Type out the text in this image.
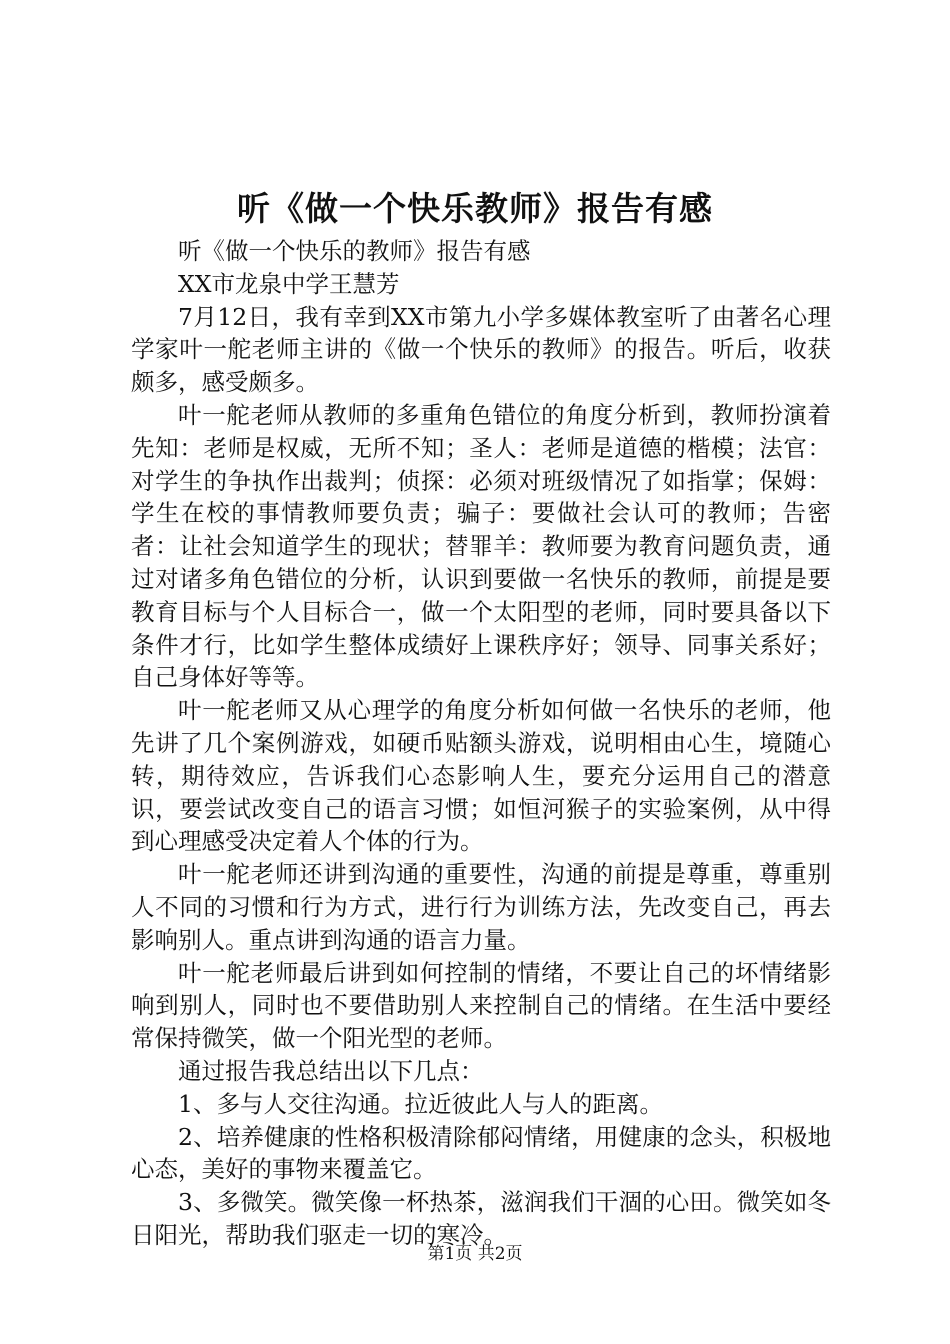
听《做一个快乐教师》报告有感

听《做一个快乐的教师》报告有感

XX市龙泉中学王慧芳

7月12日，我有幸到XX市第九小学多媒体教室听了由著名心理学家叶一舵老师主讲的《做一个快乐的教师》的报告。听后，收获颇多，感受颇多。

叶一舵老师从教师的多重角色错位的角度分析到，教师扮演着先知：老师是权威，无所不知；圣人：老师是道德的楷模；法官：对学生的争执作出裁判；侦探：必须对班级情况了如指掌；保姆：学生在校的事情教师要负责；骗子：要做社会认可的教师；告密者：让社会知道学生的现状；替罪羊：教师要为教育问题负责，通过对诸多角色错位的分析，认识到要做一名快乐的教师，前提是要教育目标与个人目标合一，做一个太阳型的老师，同时要具备以下条件才行，比如学生整体成绩好上课秩序好；领导、同事关系好；自己身体好等等。

叶一舵老师又从心理学的角度分析如何做一名快乐的老师，他先讲了几个案例游戏，如硬币贴额头游戏，说明相由心生，境随心转，期待效应，告诉我们心态影响人生，要充分运用自己的潜意识，要尝试改变自己的语言习惯；如恒河猴子的实验案例，从中得到心理感受决定着人个体的行为。

叶一舵老师还讲到沟通的重要性，沟通的前提是尊重，尊重别人不同的习惯和行为方式，进行行为训练方法，先改变自己，再去影响别人。重点讲到沟通的语言力量。

叶一舵老师最后讲到如何控制的情绪，不要让自己的坏情绪影响到别人，同时也不要借助别人来控制自己的情绪。在生活中要经常保持微笑，做一个阳光型的老师。

通过报告我总结出以下几点：

1、多与人交往沟通。拉近彼此人与人的距离。

2、培养健康的性格积极清除郁闷情绪，用健康的念头，积极地心态，美好的事物来覆盖它。

3、多微笑。微笑像一杯热茶，滋润我们干涸的心田。微笑如冬日阳光，帮助我们驱走一切的寒冷。

第1页 共2页
